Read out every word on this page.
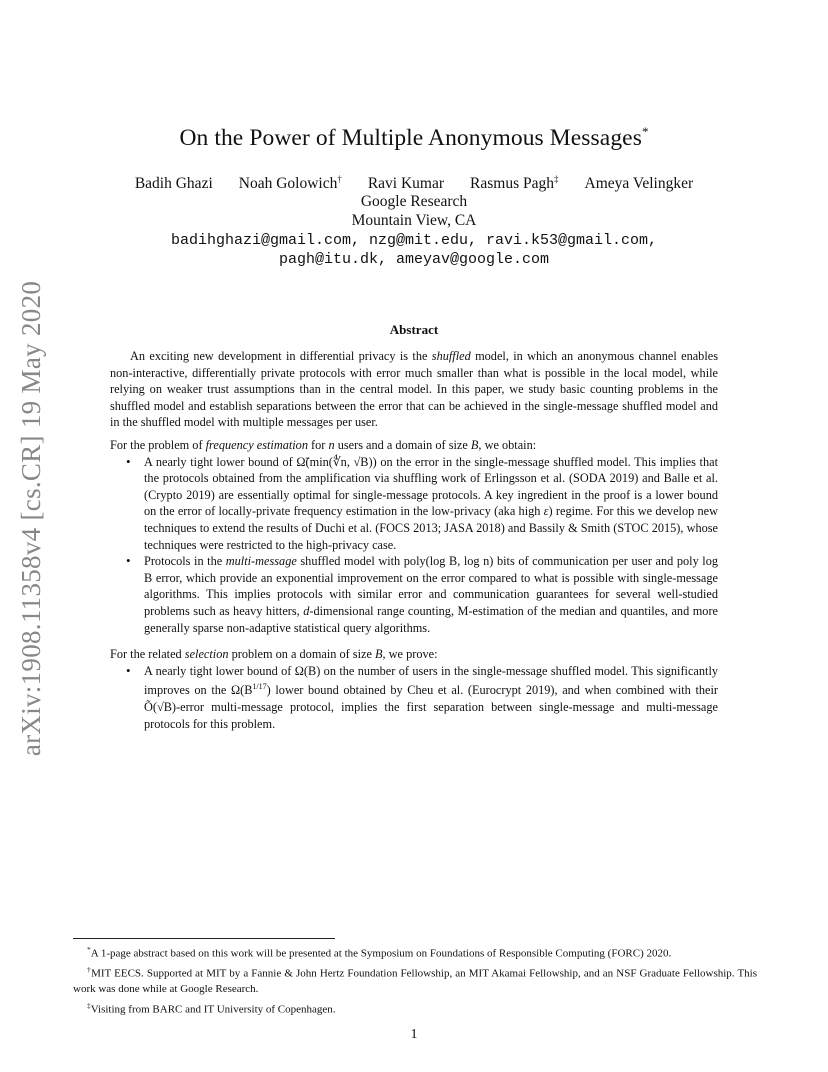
arXiv:1908.11358v4 [cs.CR] 19 May 2020
On the Power of Multiple Anonymous Messages*
Badih Ghazi Noah Golowich† Ravi Kumar Rasmus Pagh‡ Ameya Velingker
Google Research
Mountain View, CA
badihghazi@gmail.com, nzg@mit.edu, ravi.k53@gmail.com,
pagh@itu.dk, ameyav@google.com
Abstract

An exciting new development in differential privacy is the shuffled model, in which an anonymous channel enables non-interactive, differentially private protocols with error much smaller than what is possible in the local model, while relying on weaker trust assumptions than in the central model. In this paper, we study basic counting problems in the shuffled model and establish separations between the error that can be achieved in the single-message shuffled model and in the shuffled model with multiple messages per user.

For the problem of frequency estimation for n users and a domain of size B, we obtain:

• A nearly tight lower bound of Ω̃(min(∜n, √B)) on the error in the single-message shuffled model. This implies that the protocols obtained from the amplification via shuffling work of Erlingsson et al. (SODA 2019) and Balle et al. (Crypto 2019) are essentially optimal for single-message protocols. A key ingredient in the proof is a lower bound on the error of locally-private frequency estimation in the low-privacy (aka high ε) regime. For this we develop new techniques to extend the results of Duchi et al. (FOCS 2013; JASA 2018) and Bassily & Smith (STOC 2015), whose techniques were restricted to the high-privacy case.
• Protocols in the multi-message shuffled model with poly(log B, log n) bits of communication per user and poly log B error, which provide an exponential improvement on the error compared to what is possible with single-message algorithms. This implies protocols with similar error and communication guarantees for several well-studied problems such as heavy hitters, d-dimensional range counting, M-estimation of the median and quantiles, and more generally sparse non-adaptive statistical query algorithms.

For the related selection problem on a domain of size B, we prove:

• A nearly tight lower bound of Ω(B) on the number of users in the single-message shuffled model. This significantly improves on the $\Omega(B^{1/17})$ lower bound obtained by Cheu et al. (Eurocrypt 2019), and when combined with their Õ(√B)-error multi-message protocol, implies the first separation between single-message and multi-message protocols for this problem.

*A 1-page abstract based on this work will be presented at the Symposium on Foundations of Responsible Computing (FORC) 2020.

†MIT EECS. Supported at MIT by a Fannie & John Hertz Foundation Fellowship, an MIT Akamai Fellowship, and an NSF Graduate Fellowship. This work was done while at Google Research.

‡Visiting from BARC and IT University of Copenhagen.

1
